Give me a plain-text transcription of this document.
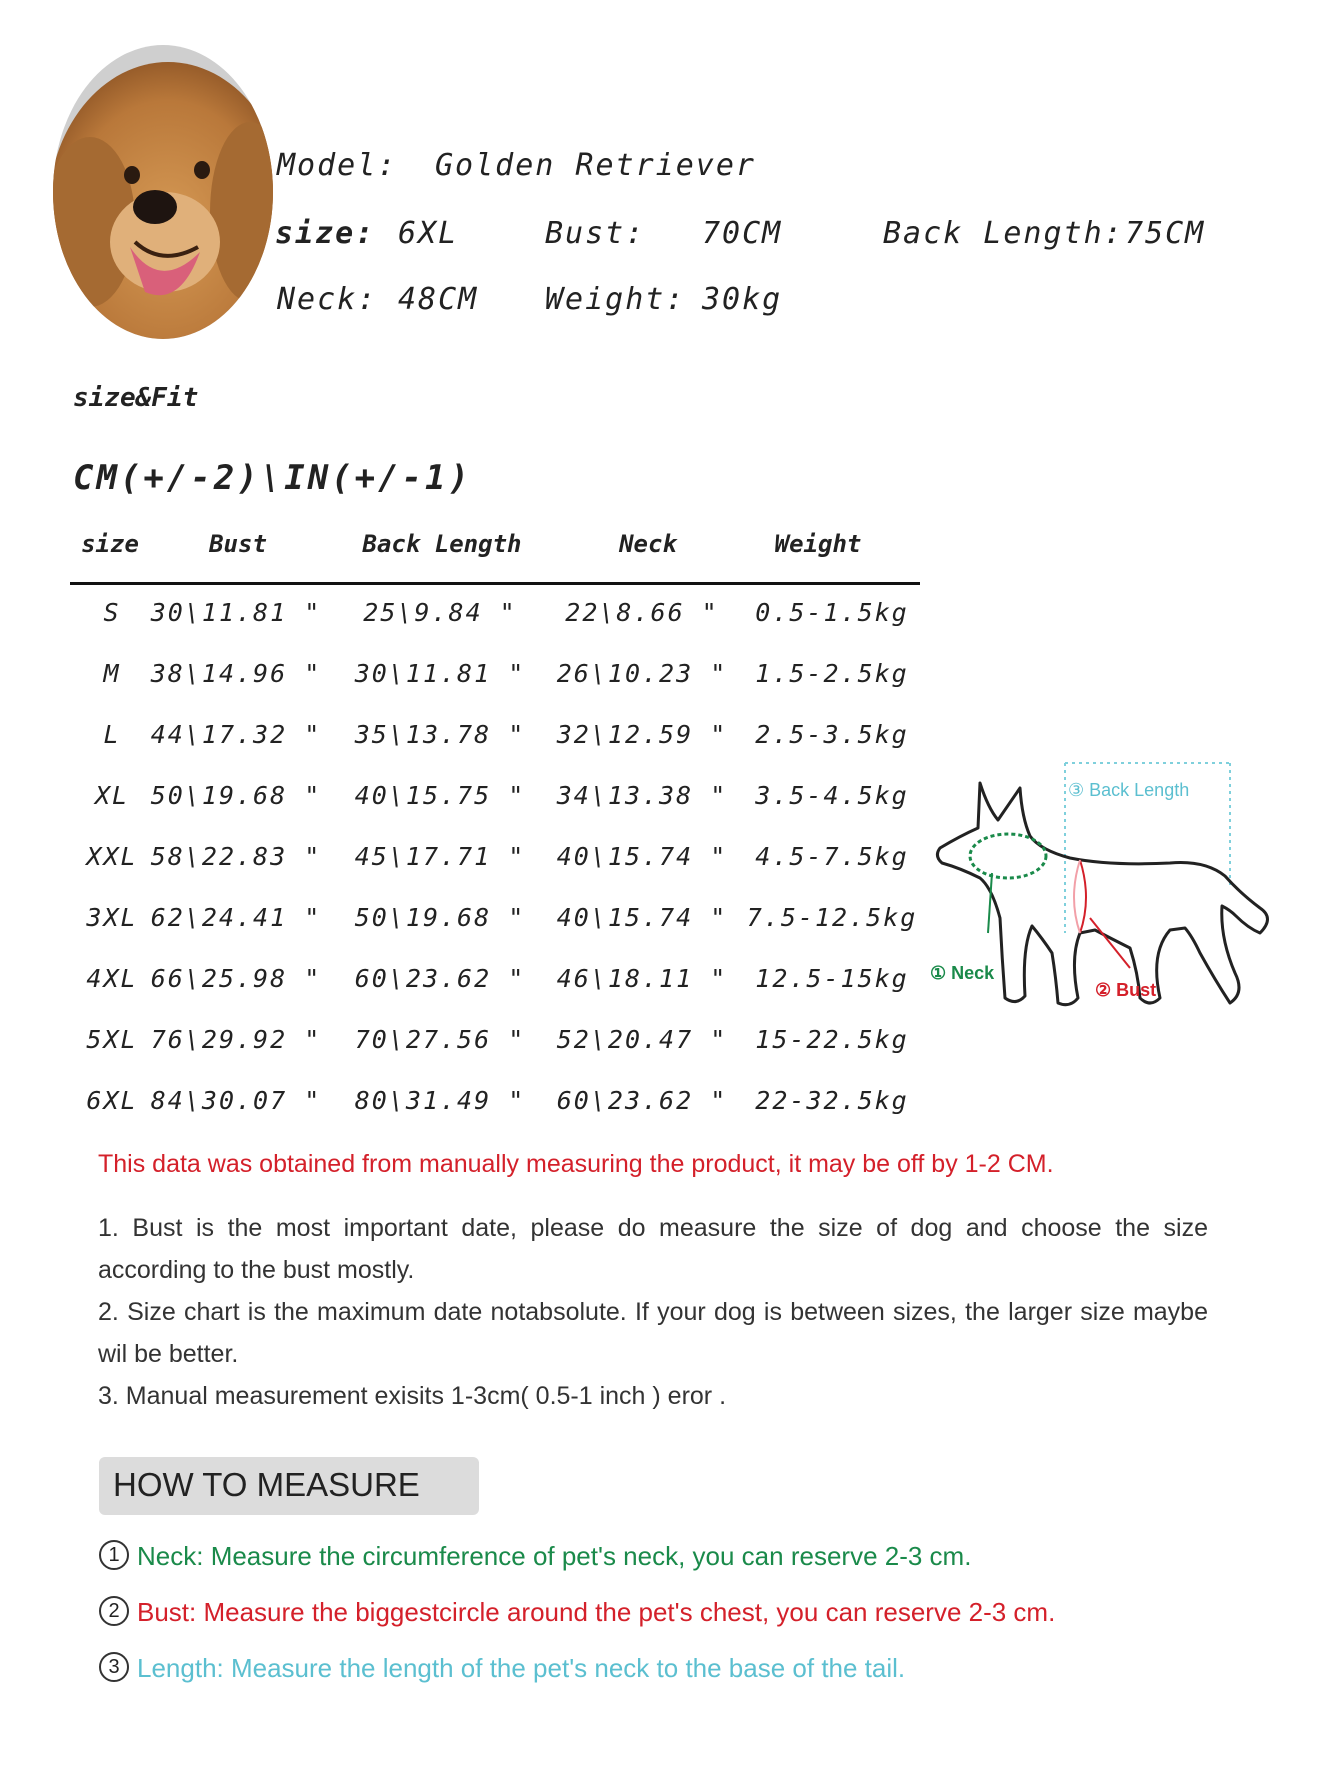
Model: Golden Retriever
size: 6XL	Bust: 70CM	Back Length: 75CM
Neck: 48CM Weight: 30kg
size&Fit
CM(+/-2)\IN(+/-1)
size	Bust	Back Length	Neck	Weight
S 30\11.81 " 25\9.84 " 22\8.66 " 0.5-1.5kg
M 38\14.96 " 30\11.81 " 26\10.23 " 1.5-2.5kg
L 44\17.32 " 35\13.78 " 32\12.59 " 2.5-3.5kg
XL 50\19.68 " 40\15.75 " 34\13.38 " 3.5-4.5kg
XXL 58\22.83 " 45\17.71 " 40\15.74 " 4.5-7.5kg
3XL 62\24.41 " 50\19.68 " 40\15.74 " 7.5-12.5kg
4XL 66\25.98 " 60\23.62 " 46\18.11 " 12.5-15kg
5XL 76\29.92 " 70\27.56 " 52\20.47 " 15-22.5kg
6XL 84\30.07 " 80\31.49 " 60\23.62 " 22-32.5kg
③ Back Length
① Neck
② Bust
This data was obtained from manually measuring the product, it may be off by 1-2 CM.

1. Bust is the most important date, please do measure the size of dog and choose the size according to the bust mostly.

2. Size chart is the maximum date notabsolute. If your dog is between sizes, the larger size maybe wil be better.

3. Manual measurement exisits 1-3cm( 0.5-1 inch ) eror .

HOW TO MEASURE
1 Neck: Measure the circumference of pet's neck, you can reserve 2-3 cm.
2 Bust: Measure the biggestcircle around the pet's chest, you can reserve 2-3 cm.
3 Length: Measure the length of the pet's neck to the base of the tail.
